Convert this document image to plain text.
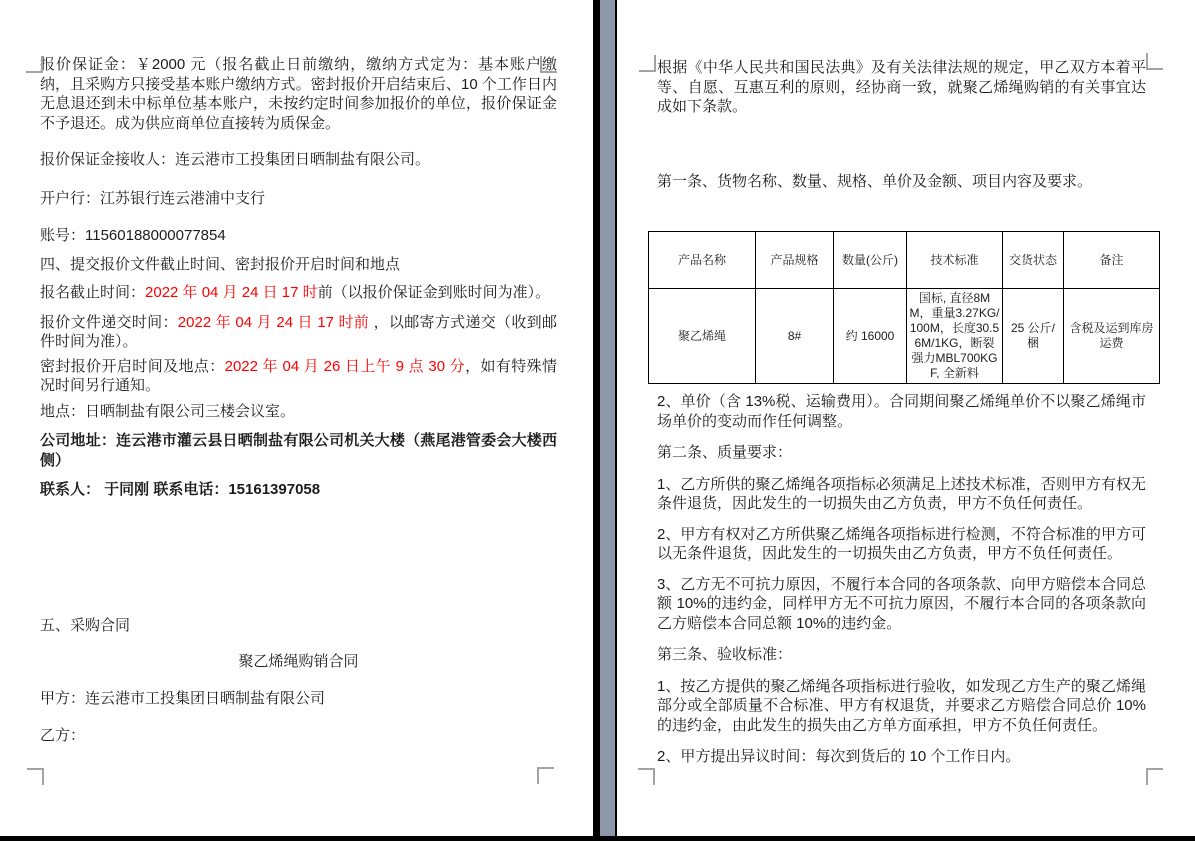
报价保证金：￥2000 元（报名截止日前缴纳，缴纳方式定为：基本账户缴纳，且采购方只接受基本账户缴纳方式。密封报价开启结束后、10 个工作日内无息退还到未中标单位基本账户，未按约定时间参加报价的单位，报价保证金不予退还。成为供应商单位直接转为质保金。

报价保证金接收人：连云港市工投集团日晒制盐有限公司。

开户行：江苏银行连云港浦中支行

账号：11560188000077854

四、提交报价文件截止时间、密封报价开启时间和地点

报名截止时间：2022 年 04 月 24 日 17 时前（以报价保证金到账时间为准）。

报价文件递交时间：2022 年 04 月 24 日 17 时前 ，以邮寄方式递交（收到邮件时间为准）。

密封报价开启时间及地点：2022 年 04 月 26 日上午 9 点 30 分，如有特殊情况时间另行通知。

地点：日晒制盐有限公司三楼会议室。

公司地址：连云港市灌云县日晒制盐有限公司机关大楼（燕尾港管委会大楼西侧）

联系人： 于同刚 联系电话：15161397058

五、采购合同

聚乙烯绳购销合同

甲方：连云港市工投集团日晒制盐有限公司

乙方：

根据《中华人民共和国民法典》及有关法律法规的规定，甲乙双方本着平等、自愿、互惠互利的原则，经协商一致，就聚乙烯绳购销的有关事宜达成如下条款。

第一条、货物名称、数量、规格、单价及金额、项目内容及要求。

产品名称	产品规格	数量(公斤)	技术标准	交货状态	备注
聚乙烯绳	8#	约 16000	国标, 直径8MM，重量3.27KG/100M，长度30.56M/1KG，断裂强力MBL700KGF, 全新料	25 公斤/梱	含税及运到库房运费

2、单价（含 13%税、运输费用）。合同期间聚乙烯绳单价不以聚乙烯绳市场单价的变动而作任何调整。

第二条、质量要求：

1、乙方所供的聚乙烯绳各项指标必须满足上述技术标准，否则甲方有权无条件退货，因此发生的一切损失由乙方负责，甲方不负任何责任。

2、甲方有权对乙方所供聚乙烯绳各项指标进行检测，不符合标准的甲方可以无条件退货，因此发生的一切损失由乙方负责，甲方不负任何责任。

3、乙方无不可抗力原因，不履行本合同的各项条款、向甲方赔偿本合同总额 10%的违约金，同样甲方无不可抗力原因，不履行本合同的各项条款向乙方赔偿本合同总额 10%的违约金。

第三条、验收标准：

1、按乙方提供的聚乙烯绳各项指标进行验收，如发现乙方生产的聚乙烯绳部分或全部质量不合标准、甲方有权退货，并要求乙方赔偿合同总价 10%的违约金，由此发生的损失由乙方单方面承担，甲方不负任何责任。

2、甲方提出异议时间：每次到货后的 10 个工作日内。
